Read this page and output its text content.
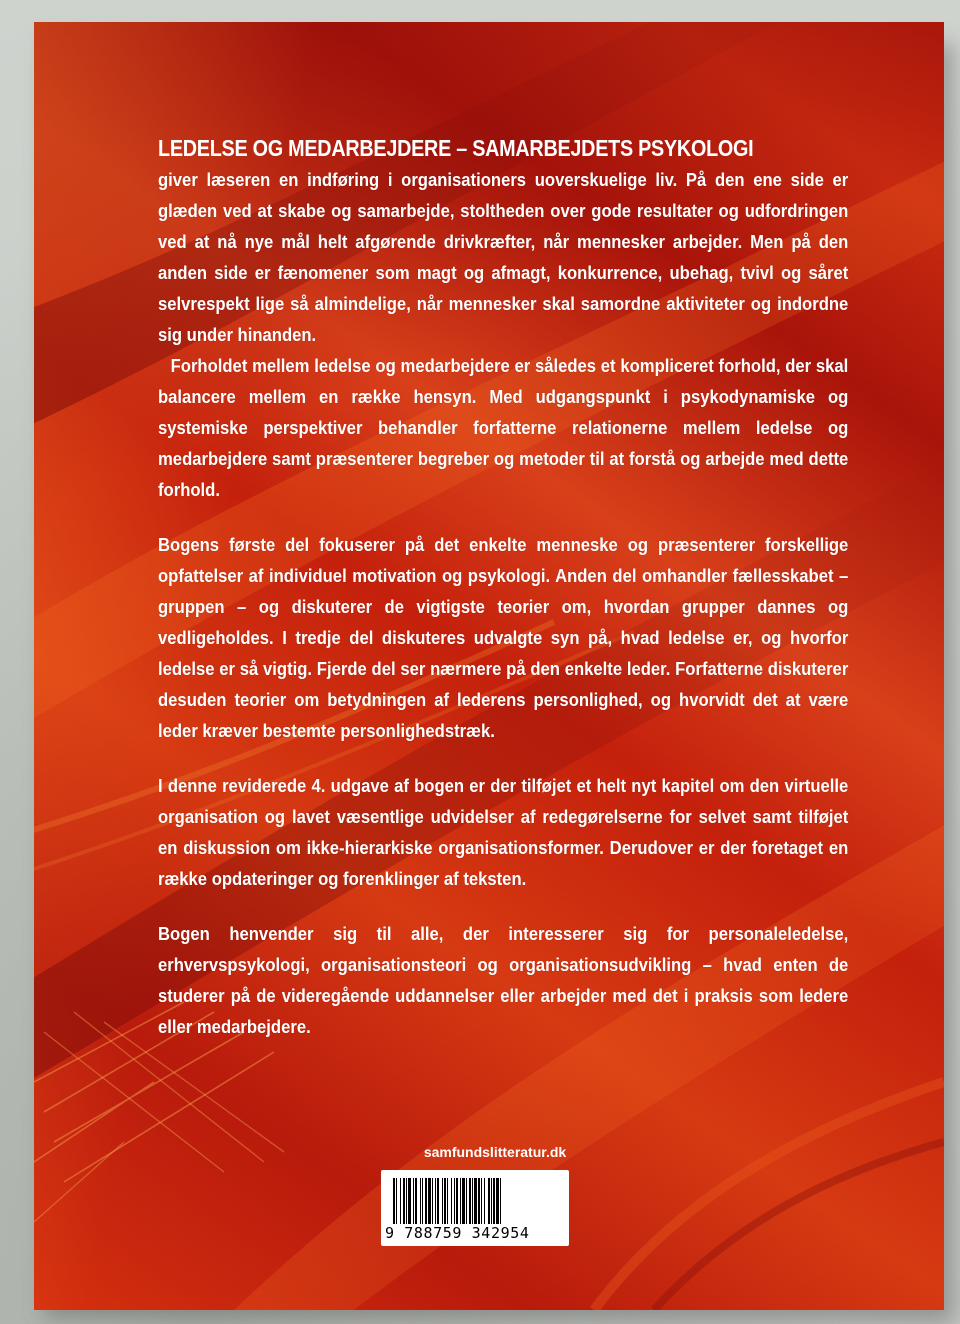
LEDELSE OG MEDARBEJDERE – SAMARBEJDETS PSYKOLOGI

giver læseren en indføring i organisationers uoverskuelige liv. På den ene side er glæden ved at skabe og samarbejde, stoltheden over gode resultater og udfordringen ved at nå nye mål helt afgørende drivkræfter, når mennesker arbejder. Men på den anden side er fænomener som magt og afmagt, konkurrence, ubehag, tvivl og såret selvrespekt lige så almindelige, når mennesker skal samordne aktiviteter og indordne sig under hinanden.

Forholdet mellem ledelse og medarbejdere er således et kompliceret forhold, der skal balancere mellem en række hensyn. Med udgangspunkt i psykodynamiske og systemiske perspektiver behandler forfatterne relationerne mellem ledelse og medarbejdere samt præsenterer begreber og metoder til at forstå og arbejde med dette forhold.

Bogens første del fokuserer på det enkelte menneske og præsenterer forskellige opfattelser af individuel motivation og psykologi. Anden del omhandler fællesskabet – gruppen – og diskuterer de vigtigste teorier om, hvordan grupper dannes og vedligeholdes. I tredje del diskuteres udvalgte syn på, hvad ledelse er, og hvorfor ledelse er så vigtig. Fjerde del ser nærmere på den enkelte leder. Forfatterne diskuterer desuden teorier om betydningen af lederens personlighed, og hvorvidt det at være leder kræver bestemte personlighedstræk.

I denne reviderede 4. udgave af bogen er der tilføjet et helt nyt kapitel om den virtuelle organisation og lavet væsentlige udvidelser af redegørelserne for selvet samt tilføjet en diskussion om ikke-hierarkiske organisationsformer. Derudover er der foretaget en række opdateringer og forenklinger af teksten.

Bogen henvender sig til alle, der interesserer sig for personaleledelse, erhvervspsykologi, organisationsteori og organisationsudvikling – hvad enten de studerer på de videregående uddannelser eller arbejder med det i praksis som ledere eller medarbejdere.

samfundslitteratur.dk
9 788759 342954
